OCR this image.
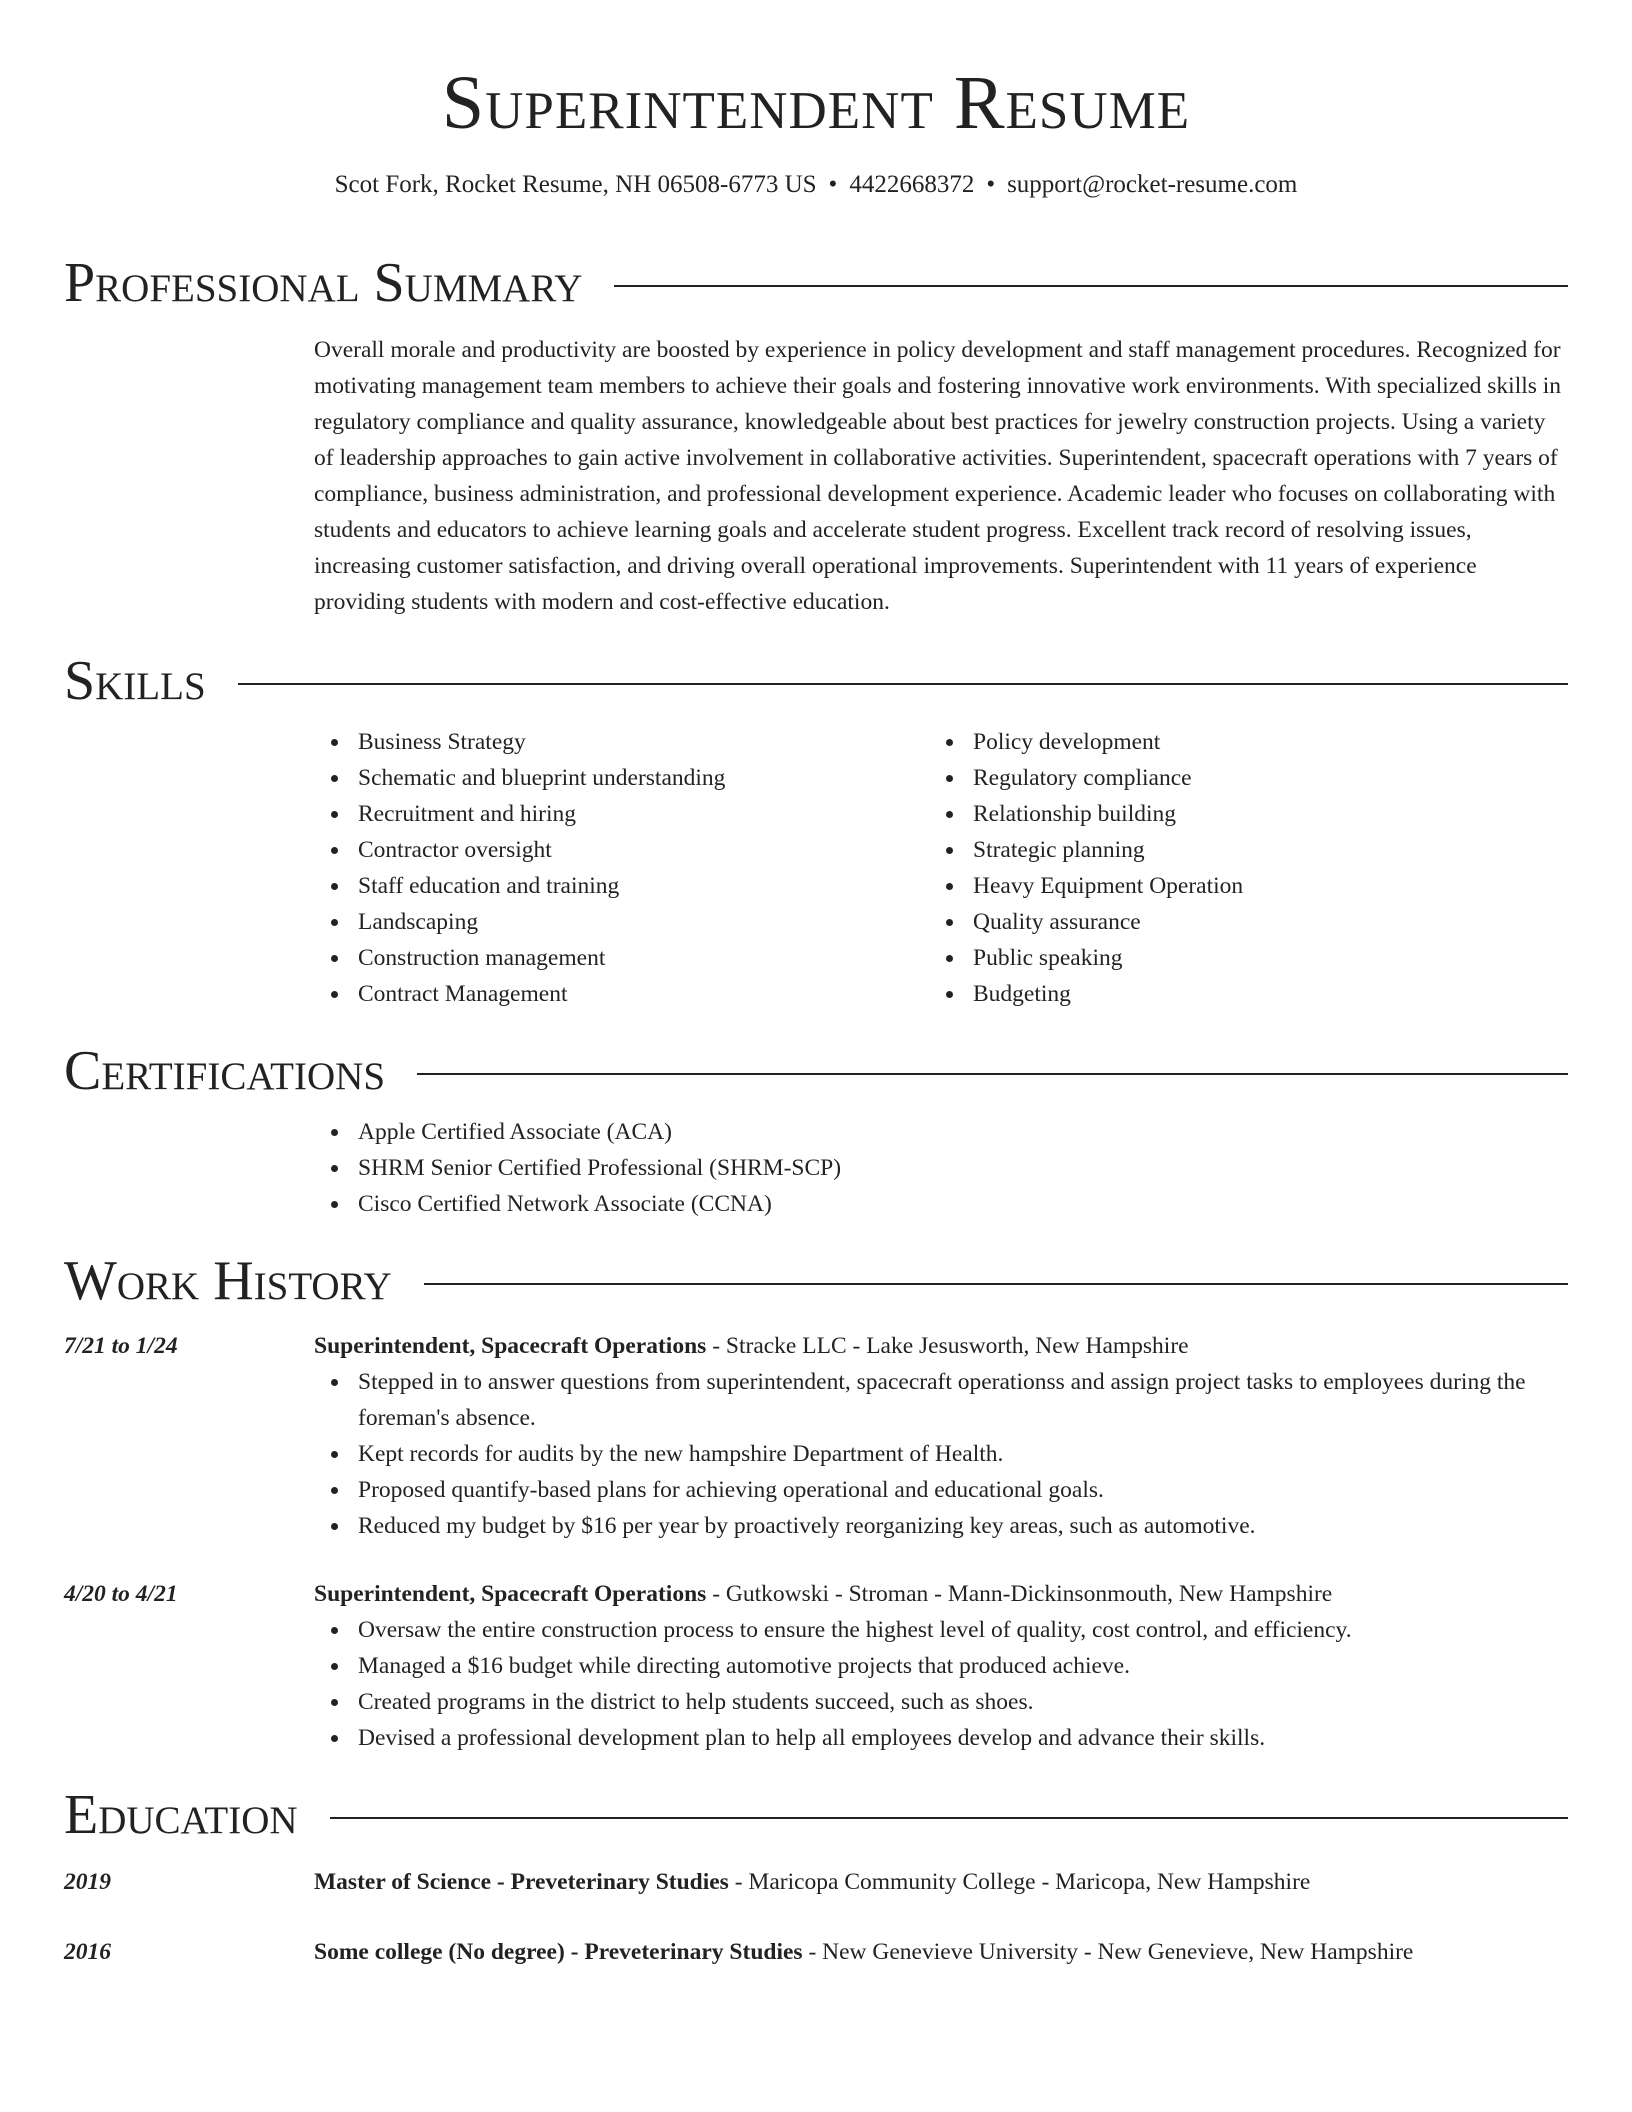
Superintendent Resume
Scot Fork, Rocket Resume, NH 06508-6773 US • 4422668372 • support@rocket-resume.com
Professional Summary
Overall morale and productivity are boosted by experience in policy development and staff management procedures. Recognized for motivating management team members to achieve their goals and fostering innovative work environments. With specialized skills in regulatory compliance and quality assurance, knowledgeable about best practices for jewelry construction projects. Using a variety of leadership approaches to gain active involvement in collaborative activities. Superintendent, spacecraft operations with 7 years of compliance, business administration, and professional development experience. Academic leader who focuses on collaborating with students and educators to achieve learning goals and accelerate student progress. Excellent track record of resolving issues, increasing customer satisfaction, and driving overall operational improvements. Superintendent with 11 years of experience providing students with modern and cost-effective education.
Skills
Business Strategy
Schematic and blueprint understanding
Recruitment and hiring
Contractor oversight
Staff education and training
Landscaping
Construction management
Contract Management
Policy development
Regulatory compliance
Relationship building
Strategic planning
Heavy Equipment Operation
Quality assurance
Public speaking
Budgeting
Certifications
Apple Certified Associate (ACA)
SHRM Senior Certified Professional (SHRM-SCP)
Cisco Certified Network Associate (CCNA)
Work History
7/21 to 1/24	Superintendent, Spacecraft Operations - Stracke LLC - Lake Jesusworth, New Hampshire
Stepped in to answer questions from superintendent, spacecraft operationss and assign project tasks to employees during the foreman's absence.
Kept records for audits by the new hampshire Department of Health.
Proposed quantify-based plans for achieving operational and educational goals.
Reduced my budget by $16 per year by proactively reorganizing key areas, such as automotive.
4/20 to 4/21	Superintendent, Spacecraft Operations - Gutkowski - Stroman - Mann-Dickinsonmouth, New Hampshire
Oversaw the entire construction process to ensure the highest level of quality, cost control, and efficiency.
Managed a $16 budget while directing automotive projects that produced achieve.
Created programs in the district to help students succeed, such as shoes.
Devised a professional development plan to help all employees develop and advance their skills.
Education
2019	Master of Science - Preveterinary Studies - Maricopa Community College - Maricopa, New Hampshire
2016	Some college (No degree) - Preveterinary Studies - New Genevieve University - New Genevieve, New Hampshire
